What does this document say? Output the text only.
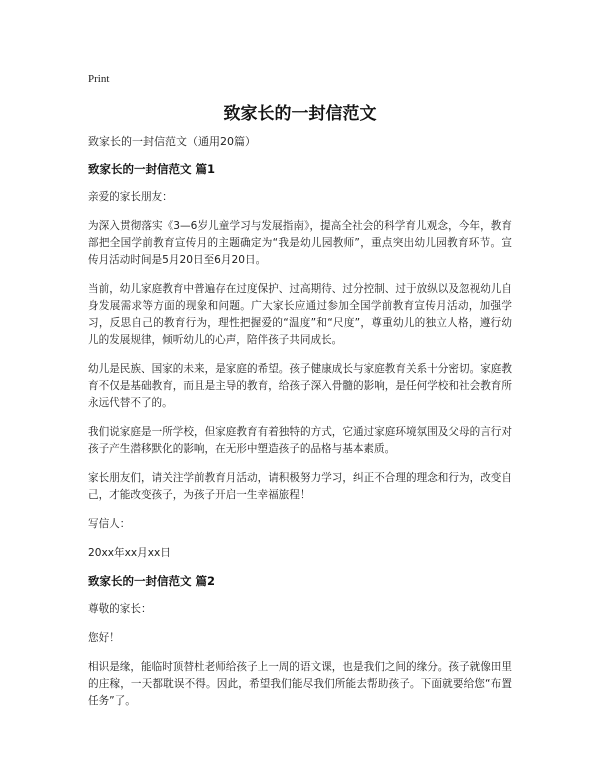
Print
致家长的一封信范文
致家长的一封信范文（通用20篇）
致家长的一封信范文 篇1

亲爱的家长朋友：

为深入贯彻落实《3—6岁儿童学习与发展指南》，提高全社会的科学育儿观念，今年，教育部把全国学前教育宣传月的主题确定为“我是幼儿园教师”，重点突出幼儿园教育环节。宣传月活动时间是5月20日至6月20日。

当前，幼儿家庭教育中普遍存在过度保护、过高期待、过分控制、过于放纵以及忽视幼儿自身发展需求等方面的现象和问题。广大家长应通过参加全国学前教育宣传月活动，加强学习，反思自己的教育行为，理性把握爱的“温度”和“尺度”，尊重幼儿的独立人格，遵行幼儿的发展规律，倾听幼儿的心声，陪伴孩子共同成长。

幼儿是民族、国家的未来，是家庭的希望。孩子健康成长与家庭教育关系十分密切。家庭教育不仅是基础教育，而且是主导的教育，给孩子深入骨髓的影响，是任何学校和社会教育所永远代替不了的。

我们说家庭是一所学校，但家庭教育有着独特的方式，它通过家庭环境氛围及父母的言行对孩子产生潜移默化的影响，在无形中塑造孩子的品格与基本素质。

家长朋友们，请关注学前教育月活动，请积极努力学习，纠正不合理的理念和行为，改变自己，才能改变孩子，为孩子开启一生幸福旅程！

写信人：

20xx年xx月xx日

致家长的一封信范文 篇2

尊敬的家长：

您好！

相识是缘，能临时顶替杜老师给孩子上一周的语文课，也是我们之间的缘分。孩子就像田里的庄稼，一天都耽误不得。因此，希望我们能尽我们所能去帮助孩子。下面就要给您“布置任务”了。
